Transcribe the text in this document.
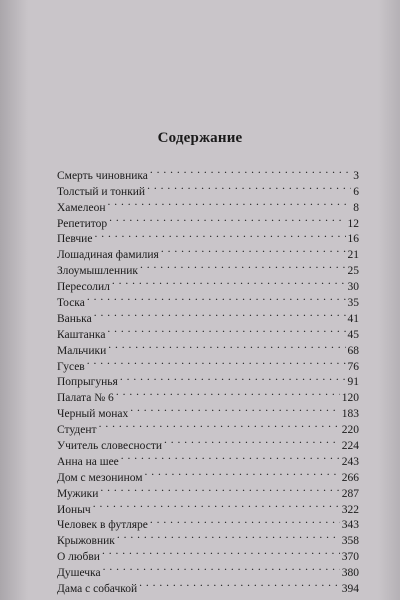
Содержание
Смерть чиновника . . .	3
Толстый и тонкий . . .	6
Хамелеон . . .	8
Репетитор . . .	12
Певчие . . .	16
Лошадиная фамилия . . .	21
Злоумышленник . . .	25
Пересолил . . .	30
Тоска . . .	35
Ванька . . .	41
Каштанка . . .	45
Мальчики . . .	68
Гусев . . .	76
Попрыгунья . . .	91
Палата № 6 . . .	120
Черный монах . . .	183
Студент . . .	220
Учитель словесности . . .	224
Анна на шее . . .	243
Дом с мезонином . . .	266
Мужики . . .	287
Ионыч . . .	322
Человек в футляре . . .	343
Крыжовник . . .	358
О любви . . .	370
Душечка . . .	380
Дама с собачкой . . .	394
